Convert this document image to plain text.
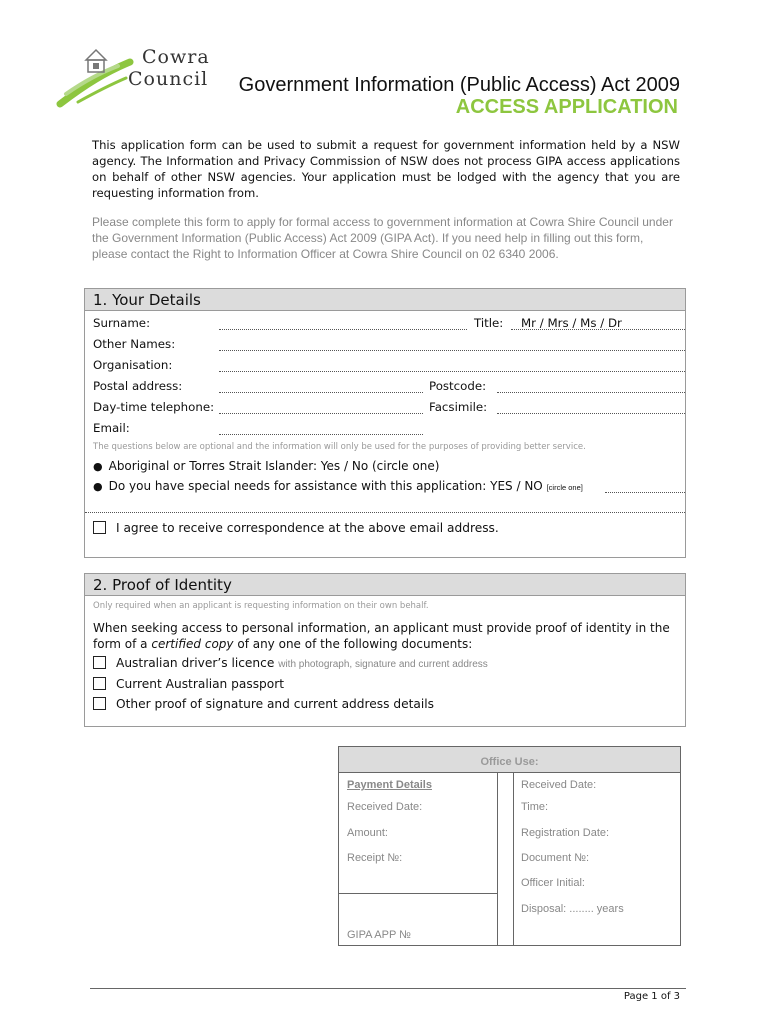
Cowra
Council	Government Information (Public Access) Act 2009
ACCESS APPLICATION
This application form can be used to submit a request for government information held by a NSW agency. The Information and Privacy Commission of NSW does not process GIPA access applications on behalf of other NSW agencies. Your application must be lodged with the agency that you are requesting information from.
Please complete this form to apply for formal access to government information at Cowra Shire Council under the Government Information (Public Access) Act 2009 (GIPA Act). If you need help in filling out this form, please contact the Right to Information Officer at Cowra Shire Council on 02 6340 2006.
1. Your Details
Surname:	Title: Mr / Mrs / Ms / Dr
Other Names:
Organisation:
Postal address:	Postcode:
Day-time telephone:	Facsimile:
Email:
The questions below are optional and the information will only be used for the purposes of providing better service.
● Aboriginal or Torres Strait Islander: Yes / No (circle one)
● Do you have special needs for assistance with this application: YES / NO [circle one]
I agree to receive correspondence at the above email address.
2. Proof of Identity
Only required when an applicant is requesting information on their own behalf.
When seeking access to personal information, an applicant must provide proof of identity in the form of a certified copy of any one of the following documents:
Australian driver’s licence with photograph, signature and current address
Current Australian passport
Other proof of signature and current address details
Office Use:
Payment Details
Received Date:
Amount:
Receipt №:
GIPA APP №
Received Date:
Time:
Registration Date:
Document №:
Officer Initial:
Disposal: ........ years
Page 1 of 3
